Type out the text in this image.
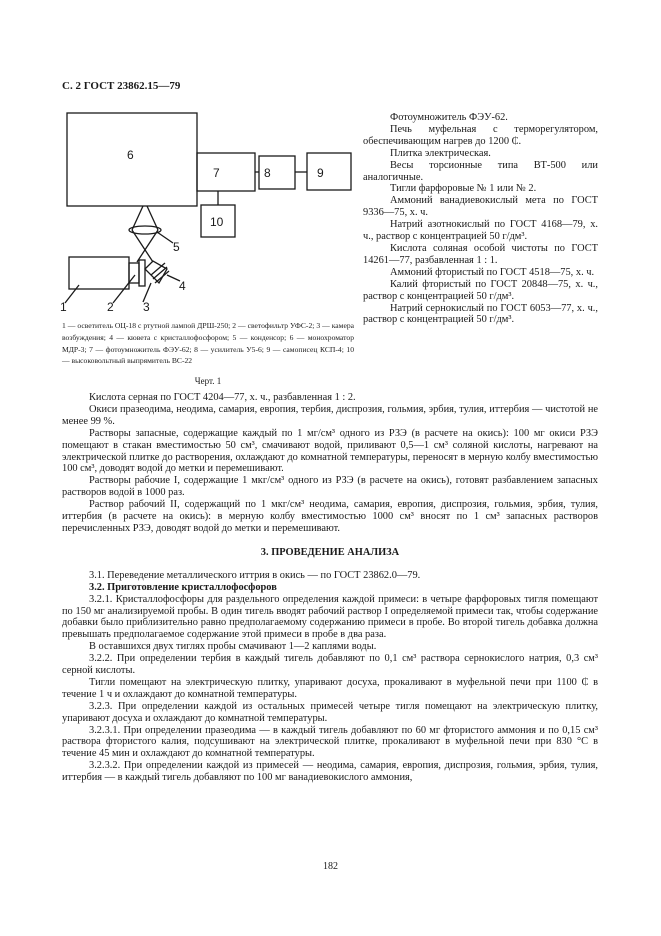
С. 2 ГОСТ 23862.15—79
6
7	8	9
10
1	2 3
4
5
1 — осветитель ОЦ-18 с ртутной лампой ДРШ-250; 2 — светофильтр УФС-2; 3 — камера возбуждения; 4 — кювета с кристаллофосфором; 5 — конденсор; 6 — монохроматор МДР-3; 7 — фотоумножитель ФЭУ-62; 8 — усилитель У5-6; 9 — самописец КСП-4; 10 — высоковольтный выпрямитель ВС-22
Черт. 1

Фотоумножитель ФЭУ-62.

Печь муфельная с терморегулятором, обеспечивающим нагрев до 1200 ₵.

Плитка электрическая.

Весы торсионные типа ВТ-500 или аналогичные.

Тигли фарфоровые № 1 или № 2.

Аммоний ванадиевокислый мета по ГОСТ 9336—75, х. ч.

Натрий азотнокислый по ГОСТ 4168—79, х. ч., раствор с концентрацией 50 г/дм³.

Кислота соляная особой чистоты по ГОСТ 14261—77, разбавленная 1 : 1.

Аммоний фтористый по ГОСТ 4518—75, х. ч.

Калий фтористый по ГОСТ 20848—75, х. ч., раствор с концентрацией 50 г/дм³.

Натрий сернокислый по ГОСТ 6053—77, х. ч., раствор с концентрацией 50 г/дм³.

Кислота серная по ГОСТ 4204—77, х. ч., разбавленная 1 : 2.

Окиси празеодима, неодима, самария, европия, тербия, диспрозия, гольмия, эрбия, тулия, иттербия — чистотой не менее 99 %.

Растворы запасные, содержащие каждый по 1 мг/см³ одного из РЗЭ (в расчете на окись): 100 мг окиси РЗЭ помещают в стакан вместимостью 50 см³, смачивают водой, приливают 0,5—1 см³ соляной кислоты, нагревают на электрической плитке до растворения, охлаждают до комнатной температуры, переносят в мерную колбу вместимостью 100 см³, доводят водой до метки и перемешивают.

Растворы рабочие I, содержащие 1 мкг/см³ одного из РЗЭ (в расчете на окись), готовят разбавлением запасных растворов водой в 1000 раз.

Раствор рабочий II, содержащий по 1 мкг/см³ неодима, самария, европия, диспрозия, гольмия, эрбия, тулия, иттербия (в расчете на окись): в мерную колбу вместимостью 1000 см³ вносят по 1 см³ запасных растворов перечисленных РЗЭ, доводят водой до метки и перемешивают.

3. ПРОВЕДЕНИЕ АНАЛИЗА

3.1. Переведение металлического иттрия в окись — по ГОСТ 23862.0—79.

3.2. Приготовление кристаллофосфоров

3.2.1. Кристаллофосфоры для раздельного определения каждой примеси: в четыре фарфоровых тигля помещают по 150 мг анализируемой пробы. В один тигель вводят рабочий раствор I определяемой примеси так, чтобы содержание добавки было приблизительно равно предполагаемому содержанию примеси в пробе. Во второй тигель добавка должна превышать предполагаемое содержание этой примеси в пробе в два раза.

В оставшихся двух тиглях пробы смачивают 1—2 каплями воды.

3.2.2. При определении тербия в каждый тигель добавляют по 0,1 см³ раствора сернокислого натрия, 0,3 см³ серной кислоты.

Тигли помещают на электрическую плитку, упаривают досуха, прокаливают в муфельной печи при 1100 ₵ в течение 1 ч и охлаждают до комнатной температуры.

3.2.3. При определении каждой из остальных примесей четыре тигля помещают на электрическую плитку, упаривают досуха и охлаждают до комнатной температуры.

3.2.3.1. При определении празеодима — в каждый тигель добавляют по 60 мг фтористого аммония и по 0,15 см³ раствора фтористого калия, подсушивают на электрической плитке, прокаливают в муфельной печи при 830 °С в течение 45 мин и охлаждают до комнатной температуры.

3.2.3.2. При определении каждой из примесей — неодима, самария, европия, диспрозия, гольмия, эрбия, тулия, иттербия — в каждый тигель добавляют по 100 мг ванадиевокислого аммония,

182
